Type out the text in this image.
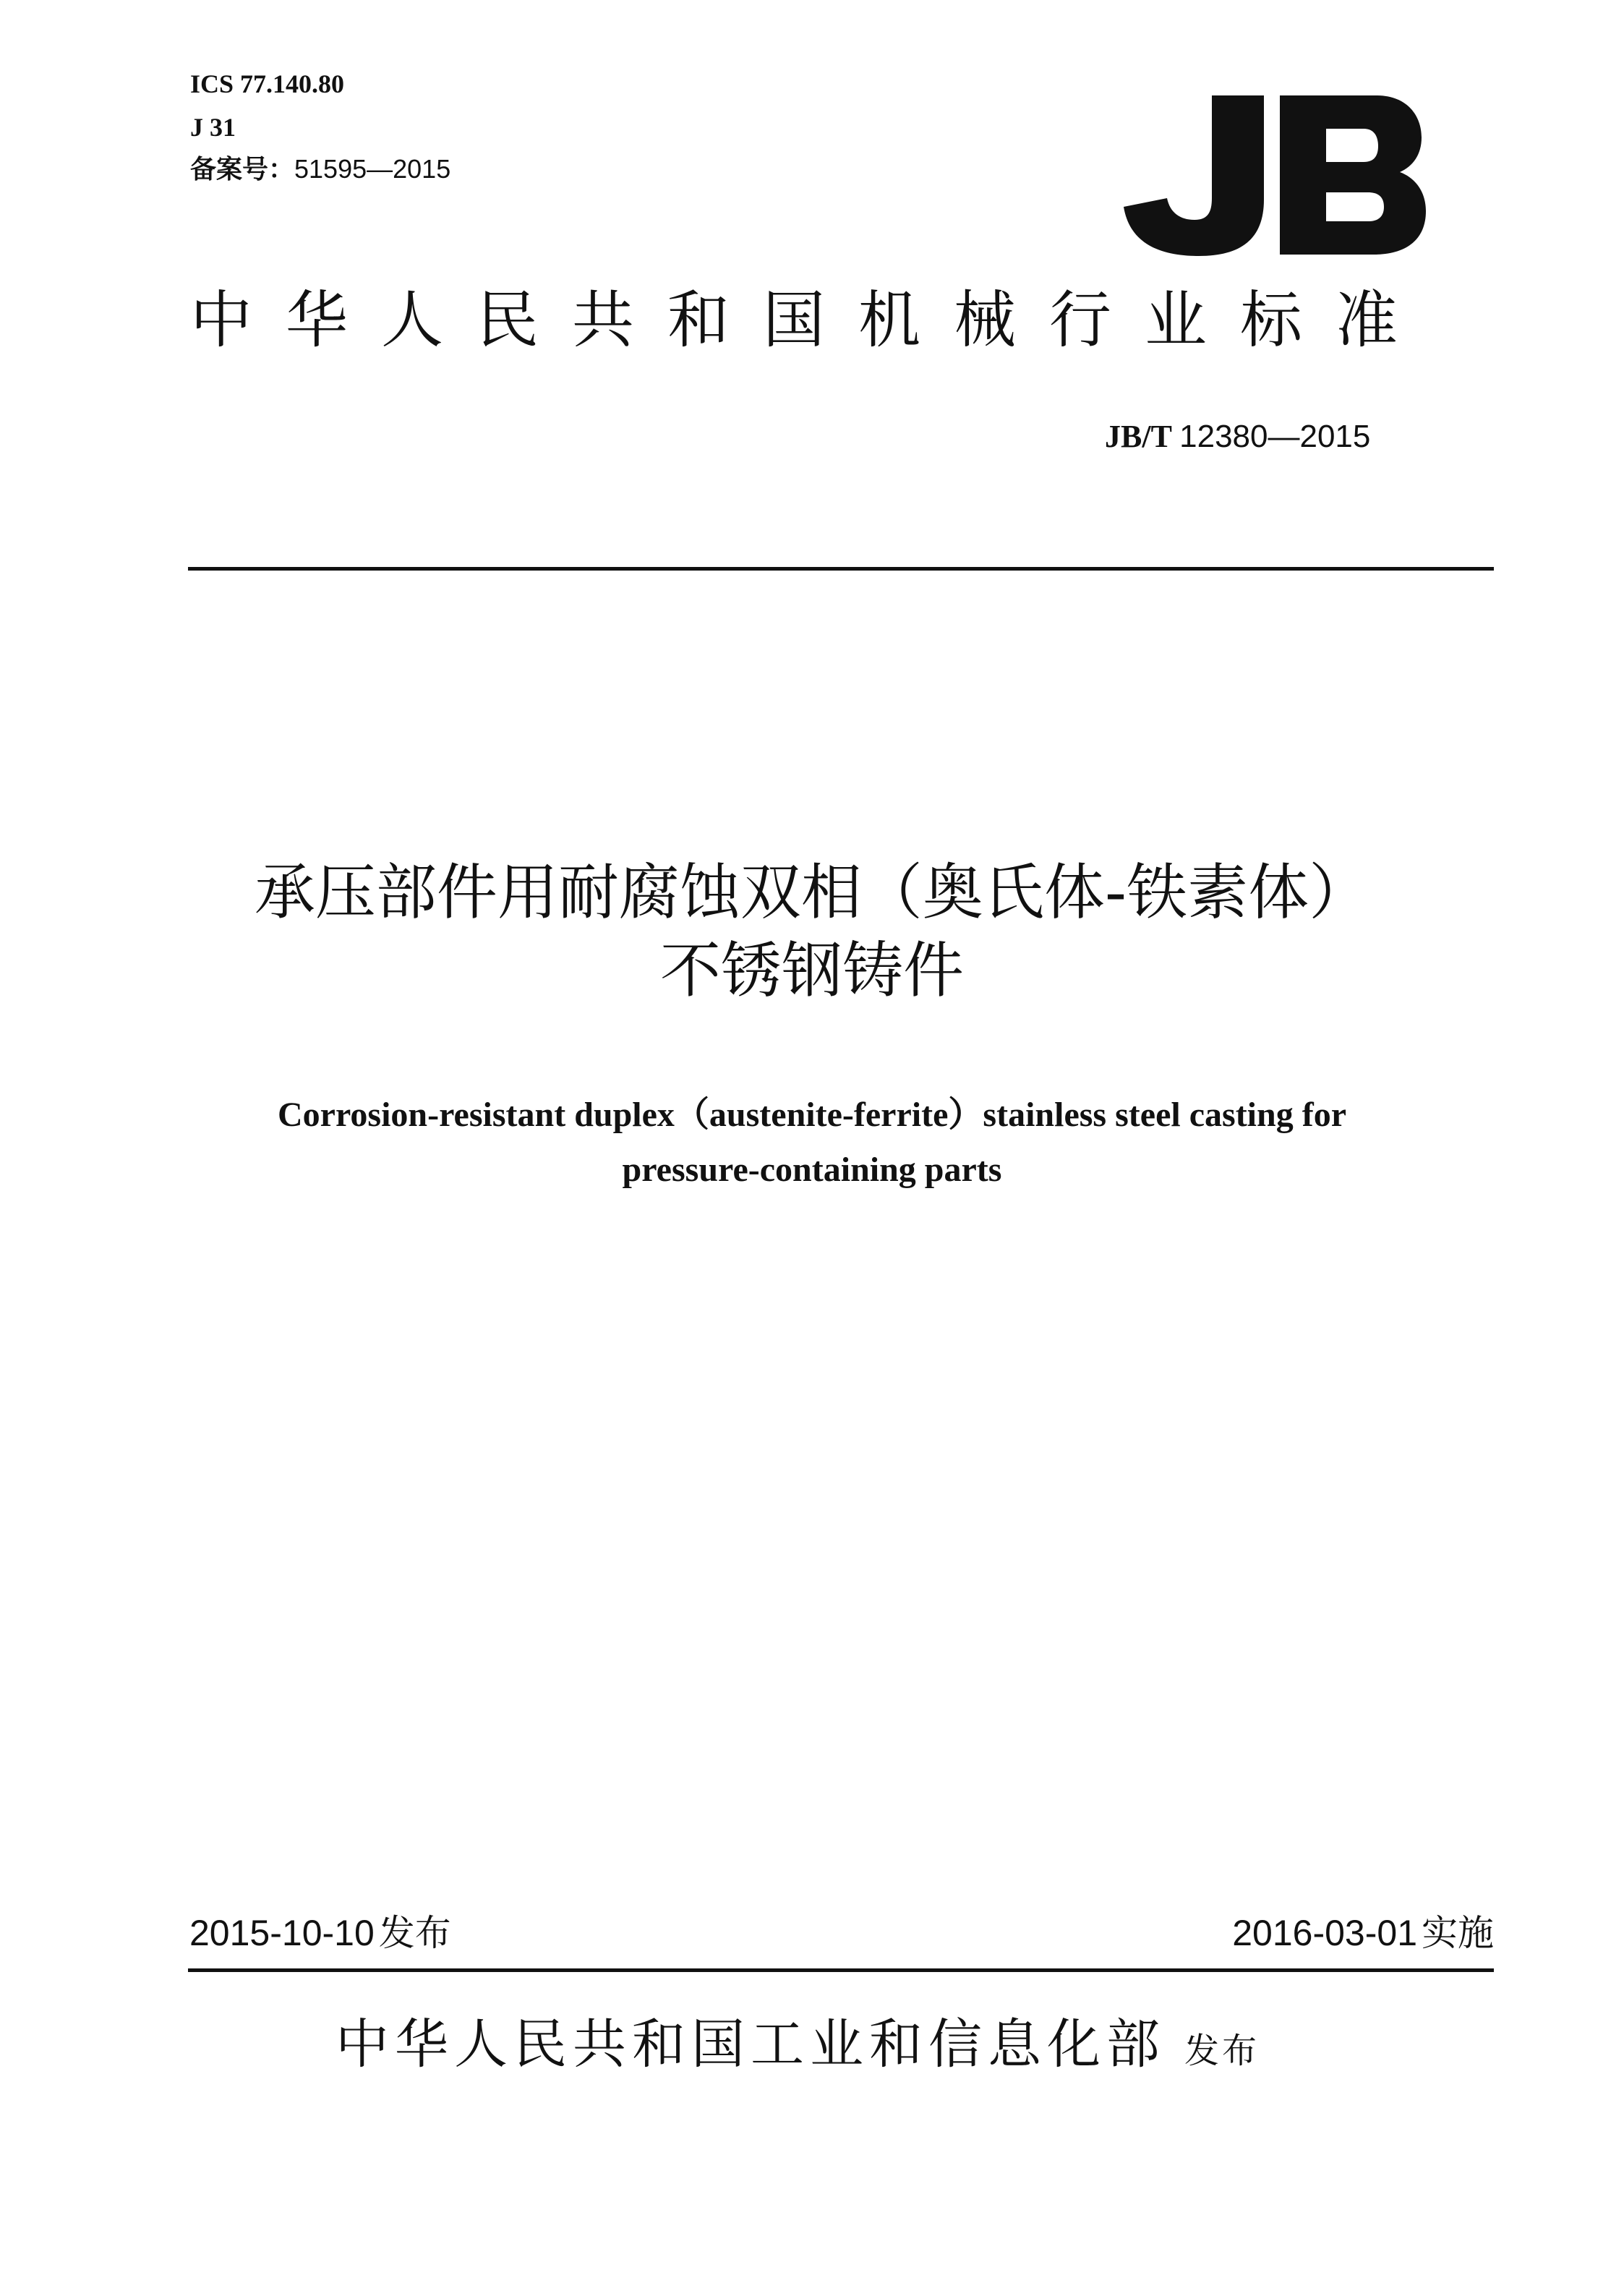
ICS 77.140.80
J 31
备案号：51595—2015
中华人民共和国机械行业标准
JB/T 12380—2015
承压部件用耐腐蚀双相（奥氏体-铁素体）
不锈钢铸件
Corrosion-resistant duplex（austenite-ferrite）stainless steel casting for
pressure-containing parts
2015-10-10 发布	2016-03-01 实施
中华人民共和国工业和信息化部 发布
